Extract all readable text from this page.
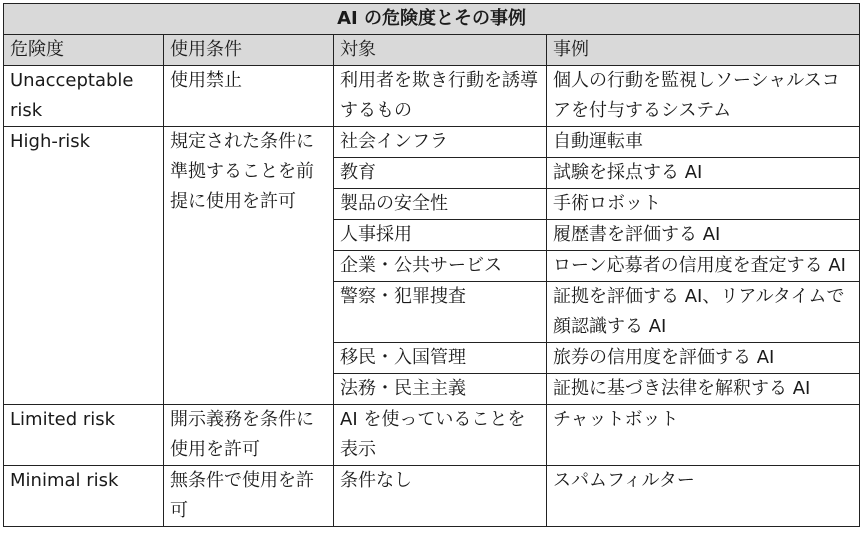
AI の危険度とその事例			
危険度	使用条件	対象	事例
Unacceptable risk	使用禁止	利用者を欺き行動を誘導するもの	個人の行動を監視しソーシャルスコアを付与するシステム
High-risk	規定された条件に準拠することを前提に使用を許可	社会インフラ	自動運転車
		教育	試験を採点する AI
		製品の安全性	手術ロボット
		人事採用	履歴書を評価する AI
		企業・公共サービス	ローン応募者の信用度を査定する AI
		警察・犯罪捜査	証拠を評価する AI、リアルタイムで顔認識する AI
		移民・入国管理	旅券の信用度を評価する AI
		法務・民主主義	証拠に基づき法律を解釈する AI
Limited risk	開示義務を条件に使用を許可	AI を使っていることを表示	チャットボット
Minimal risk	無条件で使用を許可	条件なし	スパムフィルター
